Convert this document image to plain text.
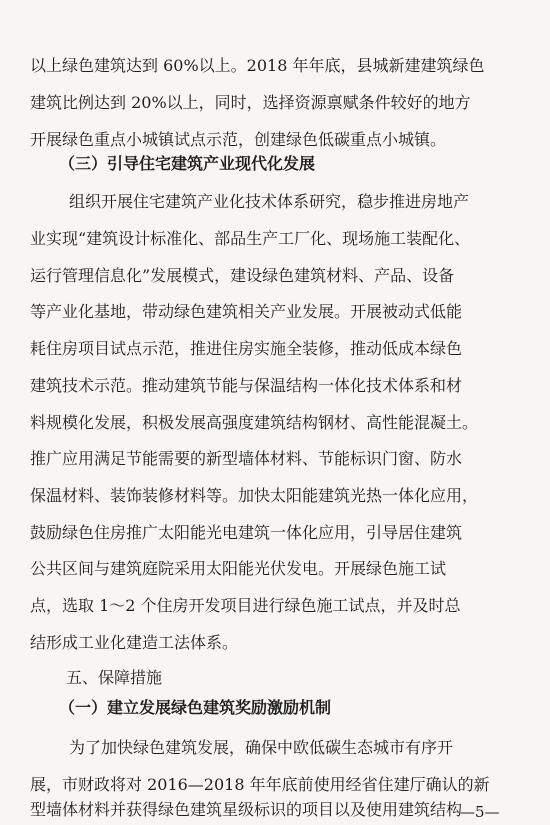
以上绿色建筑达到 60%以上。2018 年年底，县城新建建筑绿色
建筑比例达到 20%以上，同时，选择资源禀赋条件较好的地方
开展绿色重点小城镇试点示范，创建绿色低碳重点小城镇。
（三）引导住宅建筑产业现代化发展
组织开展住宅建筑产业化技术体系研究，稳步推进房地产
业实现“建筑设计标准化、部品生产工厂化、现场施工装配化、
运行管理信息化”发展模式，建设绿色建筑材料、产品、设备
等产业化基地，带动绿色建筑相关产业发展。开展被动式低能
耗住房项目试点示范，推进住房实施全装修，推动低成本绿色
建筑技术示范。推动建筑节能与保温结构一体化技术体系和材
料规模化发展，积极发展高强度建筑结构钢材、高性能混凝土。
推广应用满足节能需要的新型墙体材料、节能标识门窗、防水
保温材料、装饰装修材料等。加快太阳能建筑光热一体化应用，
鼓励绿色住房推广太阳能光电建筑一体化应用，引导居住建筑
公共区间与建筑庭院采用太阳能光伏发电。开展绿色施工试
点，选取 1～2 个住房开发项目进行绿色施工试点，并及时总
结形成工业化建造工法体系。
五、保障措施
（一）建立发展绿色建筑奖励激励机制
为了加快绿色建筑发展，确保中欧低碳生态城市有序开
展，市财政将对 2016—2018 年年底前使用经省住建厅确认的新
型墙体材料并获得绿色建筑星级标识的项目以及使用建筑结构
—5—
